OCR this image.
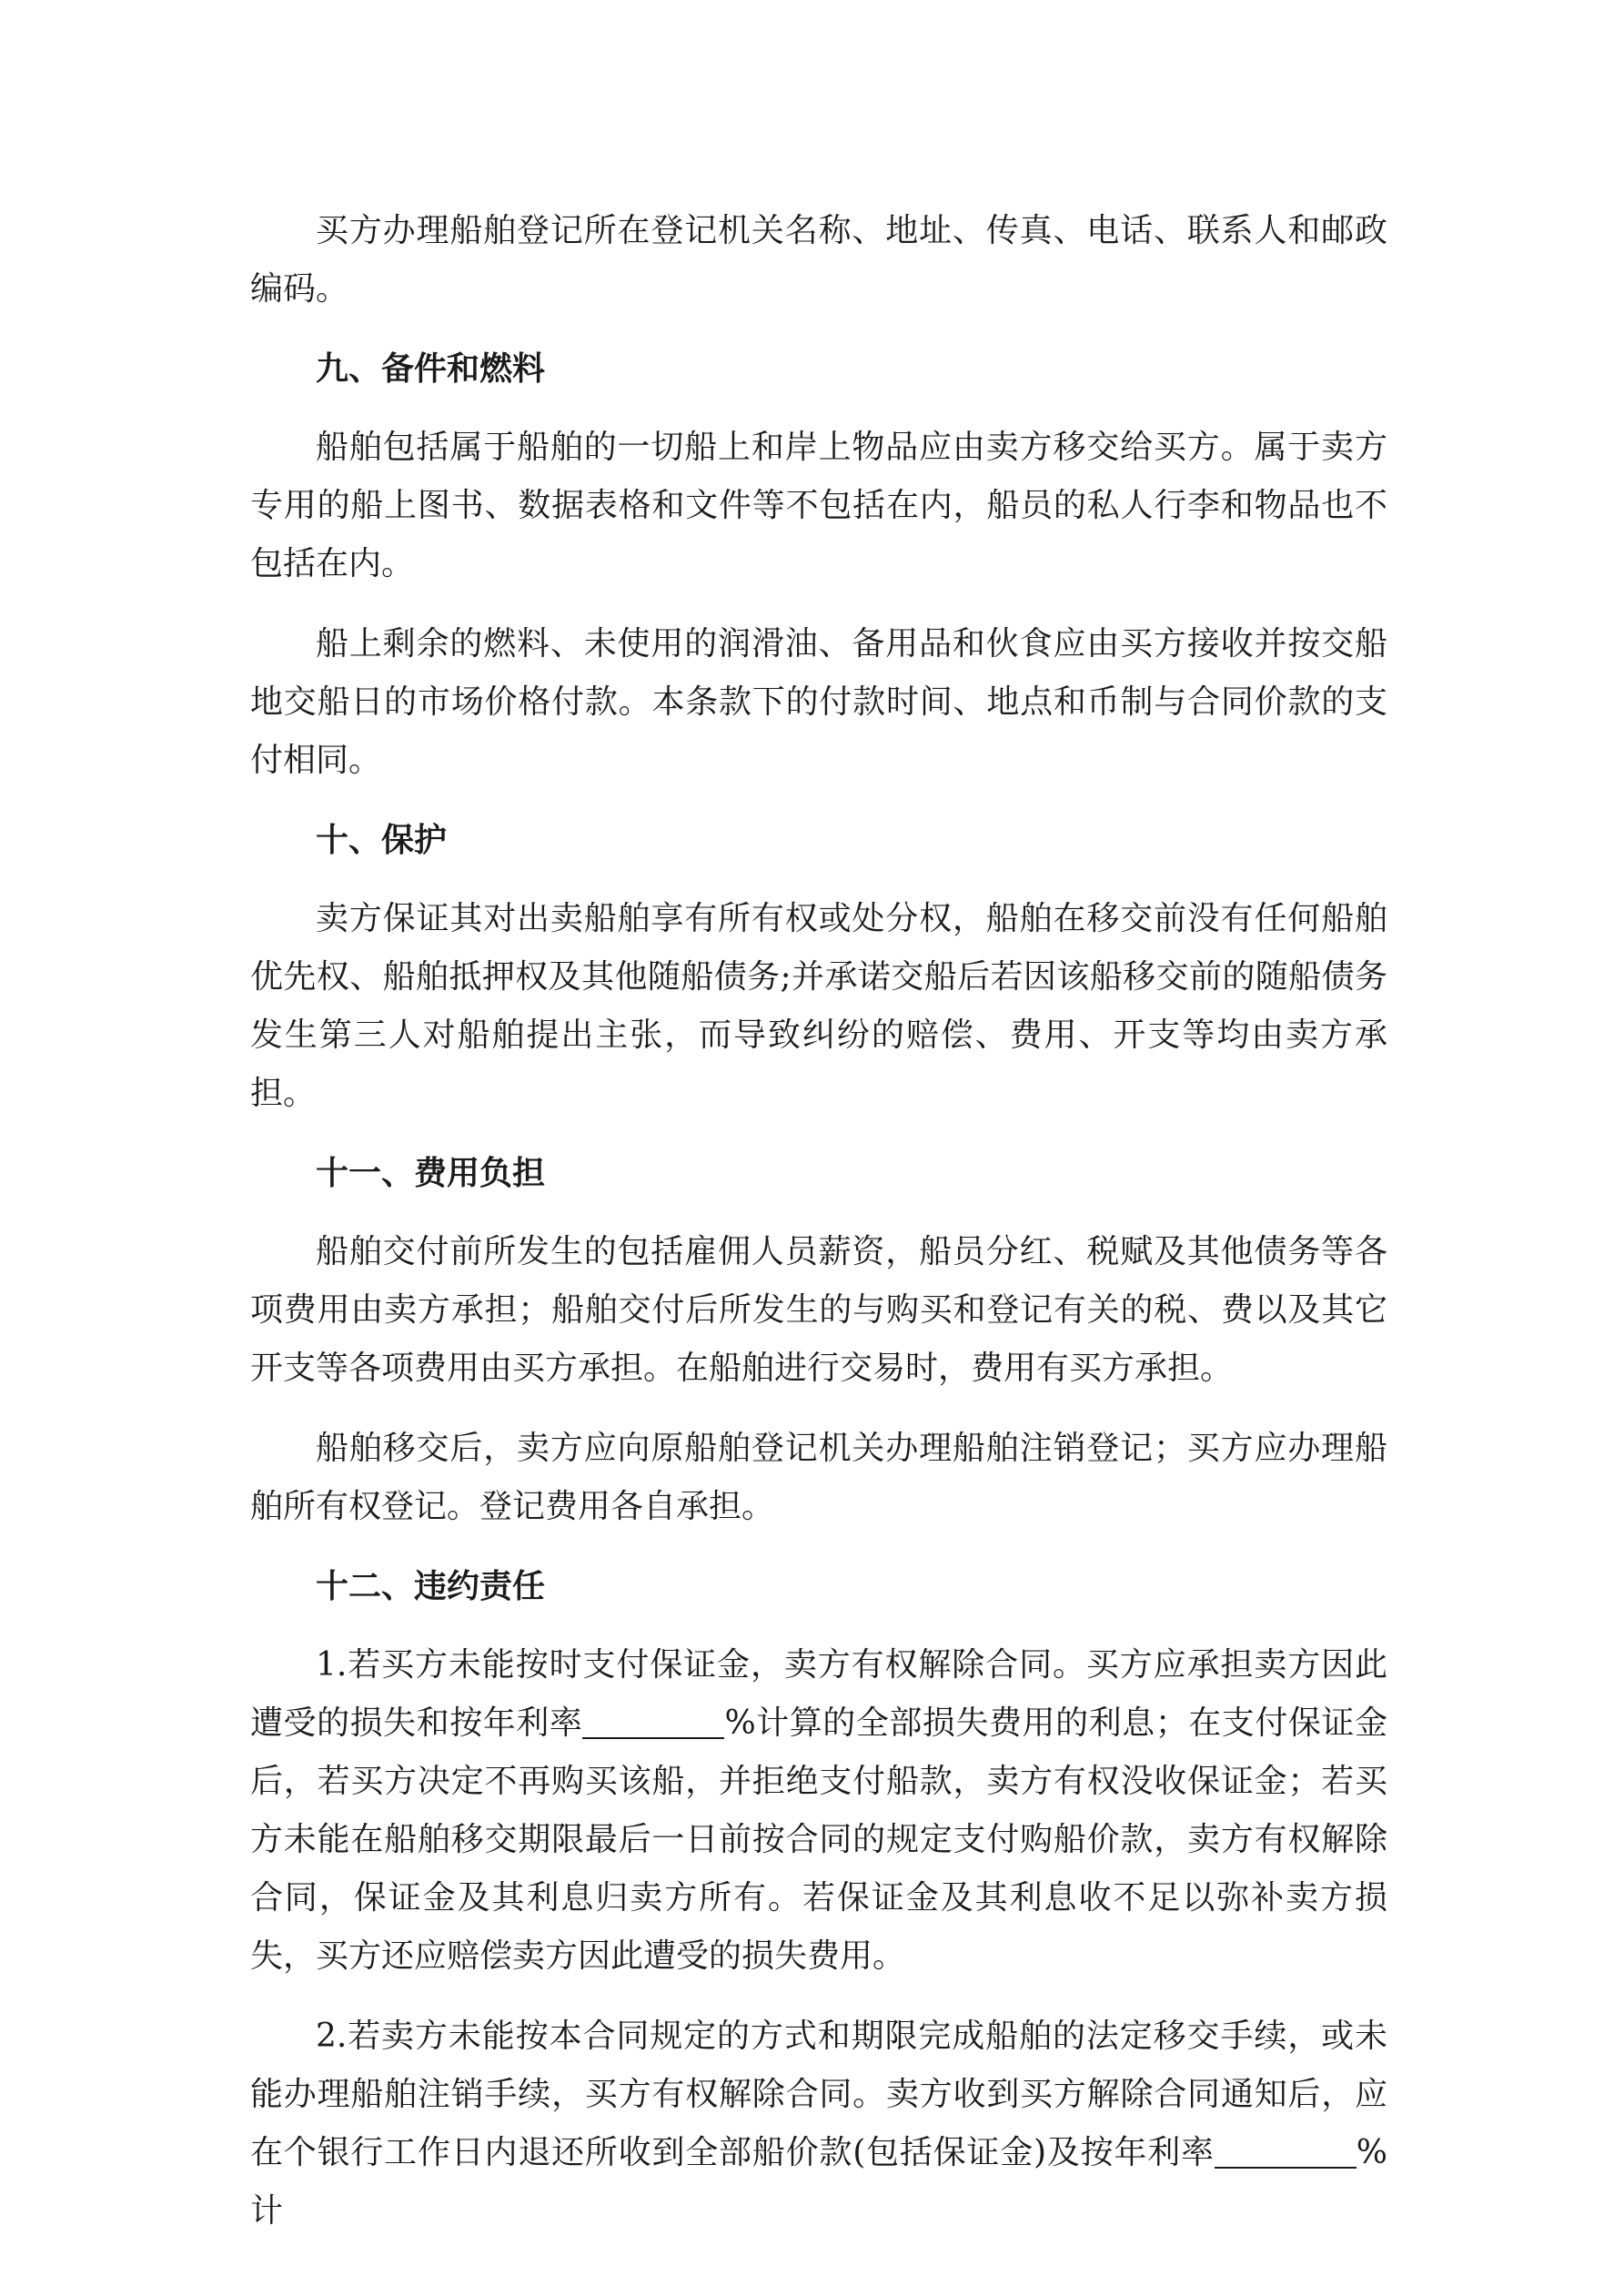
买方办理船舶登记所在登记机关名称、地址、传真、电话、联系人和邮政编码。

九、备件和燃料

船舶包括属于船舶的一切船上和岸上物品应由卖方移交给买方。属于卖方专用的船上图书、数据表格和文件等不包括在内，船员的私人行李和物品也不包括在内。

船上剩余的燃料、未使用的润滑油、备用品和伙食应由买方接收并按交船地交船日的市场价格付款。本条款下的付款时间、地点和币制与合同价款的支付相同。

十、保护

卖方保证其对出卖船舶享有所有权或处分权，船舶在移交前没有任何船舶优先权、船舶抵押权及其他随船债务;并承诺交船后若因该船移交前的随船债务发生第三人对船舶提出主张，而导致纠纷的赔偿、费用、开支等均由卖方承担。

十一、费用负担

船舶交付前所发生的包括雇佣人员薪资，船员分红、税赋及其他债务等各项费用由卖方承担；船舶交付后所发生的与购买和登记有关的税、费以及其它开支等各项费用由买方承担。在船舶进行交易时，费用有买方承担。

船舶移交后，卖方应向原船舶登记机关办理船舶注销登记；买方应办理船舶所有权登记。登记费用各自承担。

十二、违约责任

1.若买方未能按时支付保证金，卖方有权解除合同。买方应承担卖方因此遭受的损失和按年利率	%计算的全部损失费用的利息；在支付保证金后，若买方决定不再购买该船，并拒绝支付船款，卖方有权没收保证金；若买方未能在船舶移交期限最后一日前按合同的规定支付购船价款，卖方有权解除合同，保证金及其利息归卖方所有。若保证金及其利息收不足以弥补卖方损失，买方还应赔偿卖方因此遭受的损失费用。

2.若卖方未能按本合同规定的方式和期限完成船舶的法定移交手续，或未能办理船舶注销手续，买方有权解除合同。卖方收到买方解除合同通知后，应在个银行工作日内退还所收到全部船价款(包括保证金)及按年利率	%计
